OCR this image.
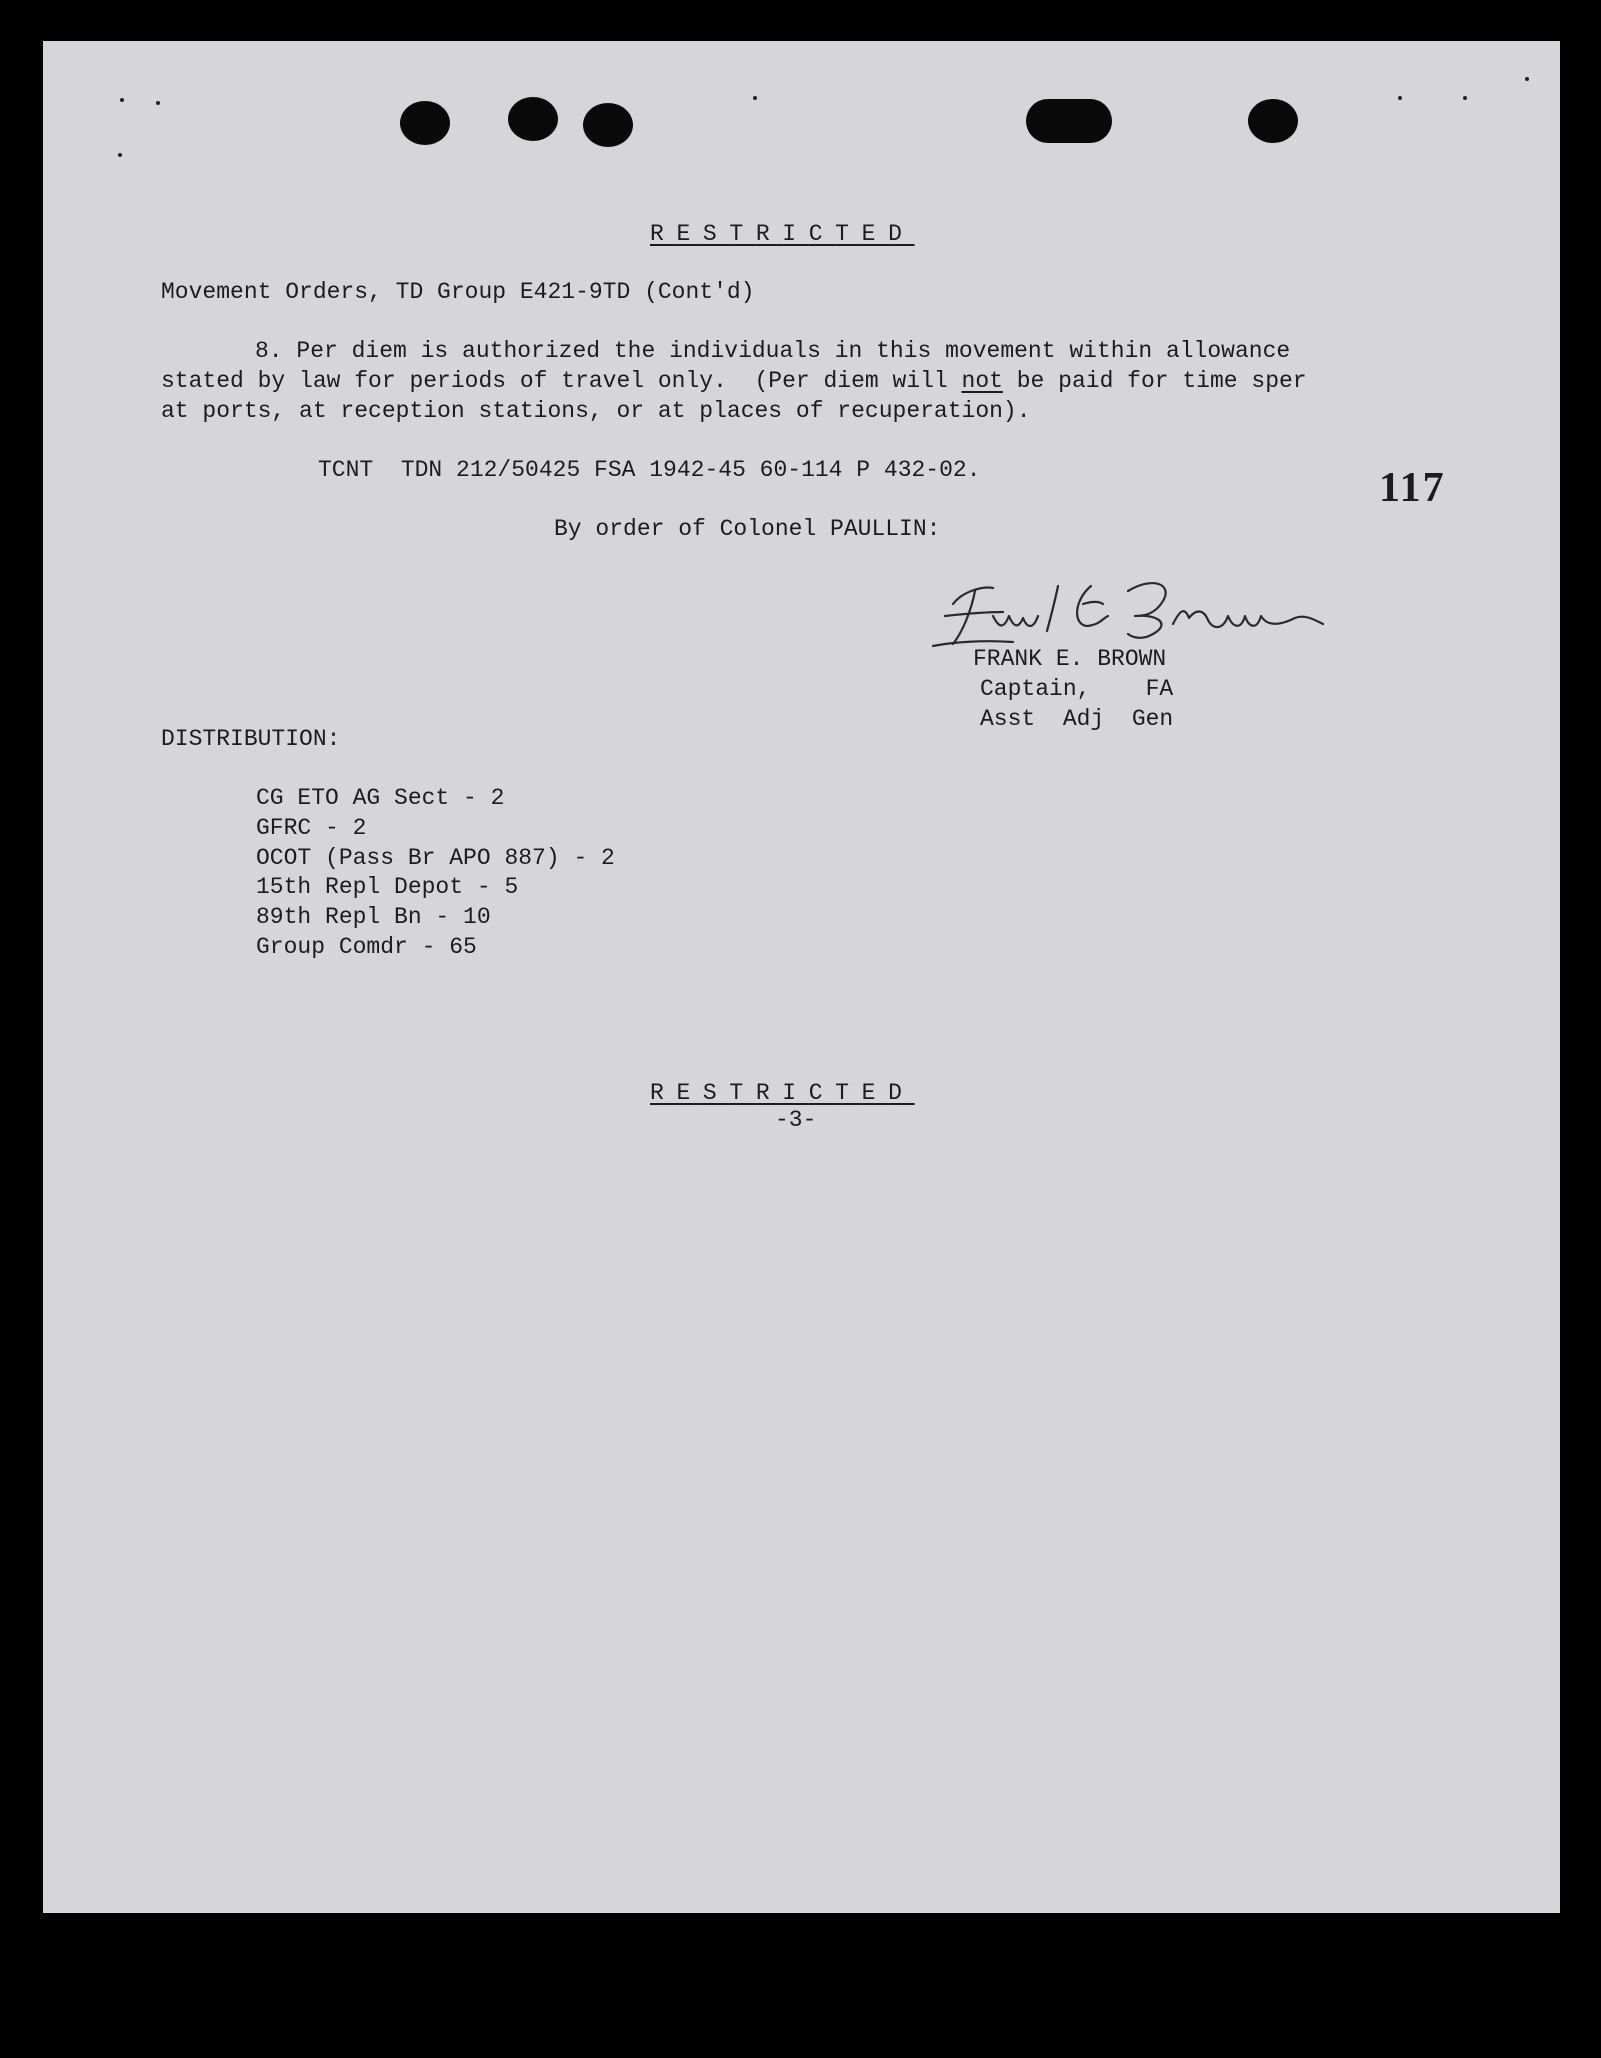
RESTRICTED
Movement Orders, TD Group E421-9TD (Cont'd)
8. Per diem is authorized the individuals in this movement within allowance
stated by law for periods of travel only.  (Per diem will not be paid for time sper
at ports, at reception stations, or at places of recuperation).
TCNT  TDN 212/50425 FSA 1942-45 60-114 P 432-02.	117
By order of Colonel PAULLIN:
FRANK E. BROWN
Captain,    FA
Asst  Adj  Gen
DISTRIBUTION:
CG ETO AG Sect - 2
GFRC - 2
OCOT (Pass Br APO 887) - 2
15th Repl Depot - 5
89th Repl Bn - 10
Group Comdr - 65
RESTRICTED
-3-
